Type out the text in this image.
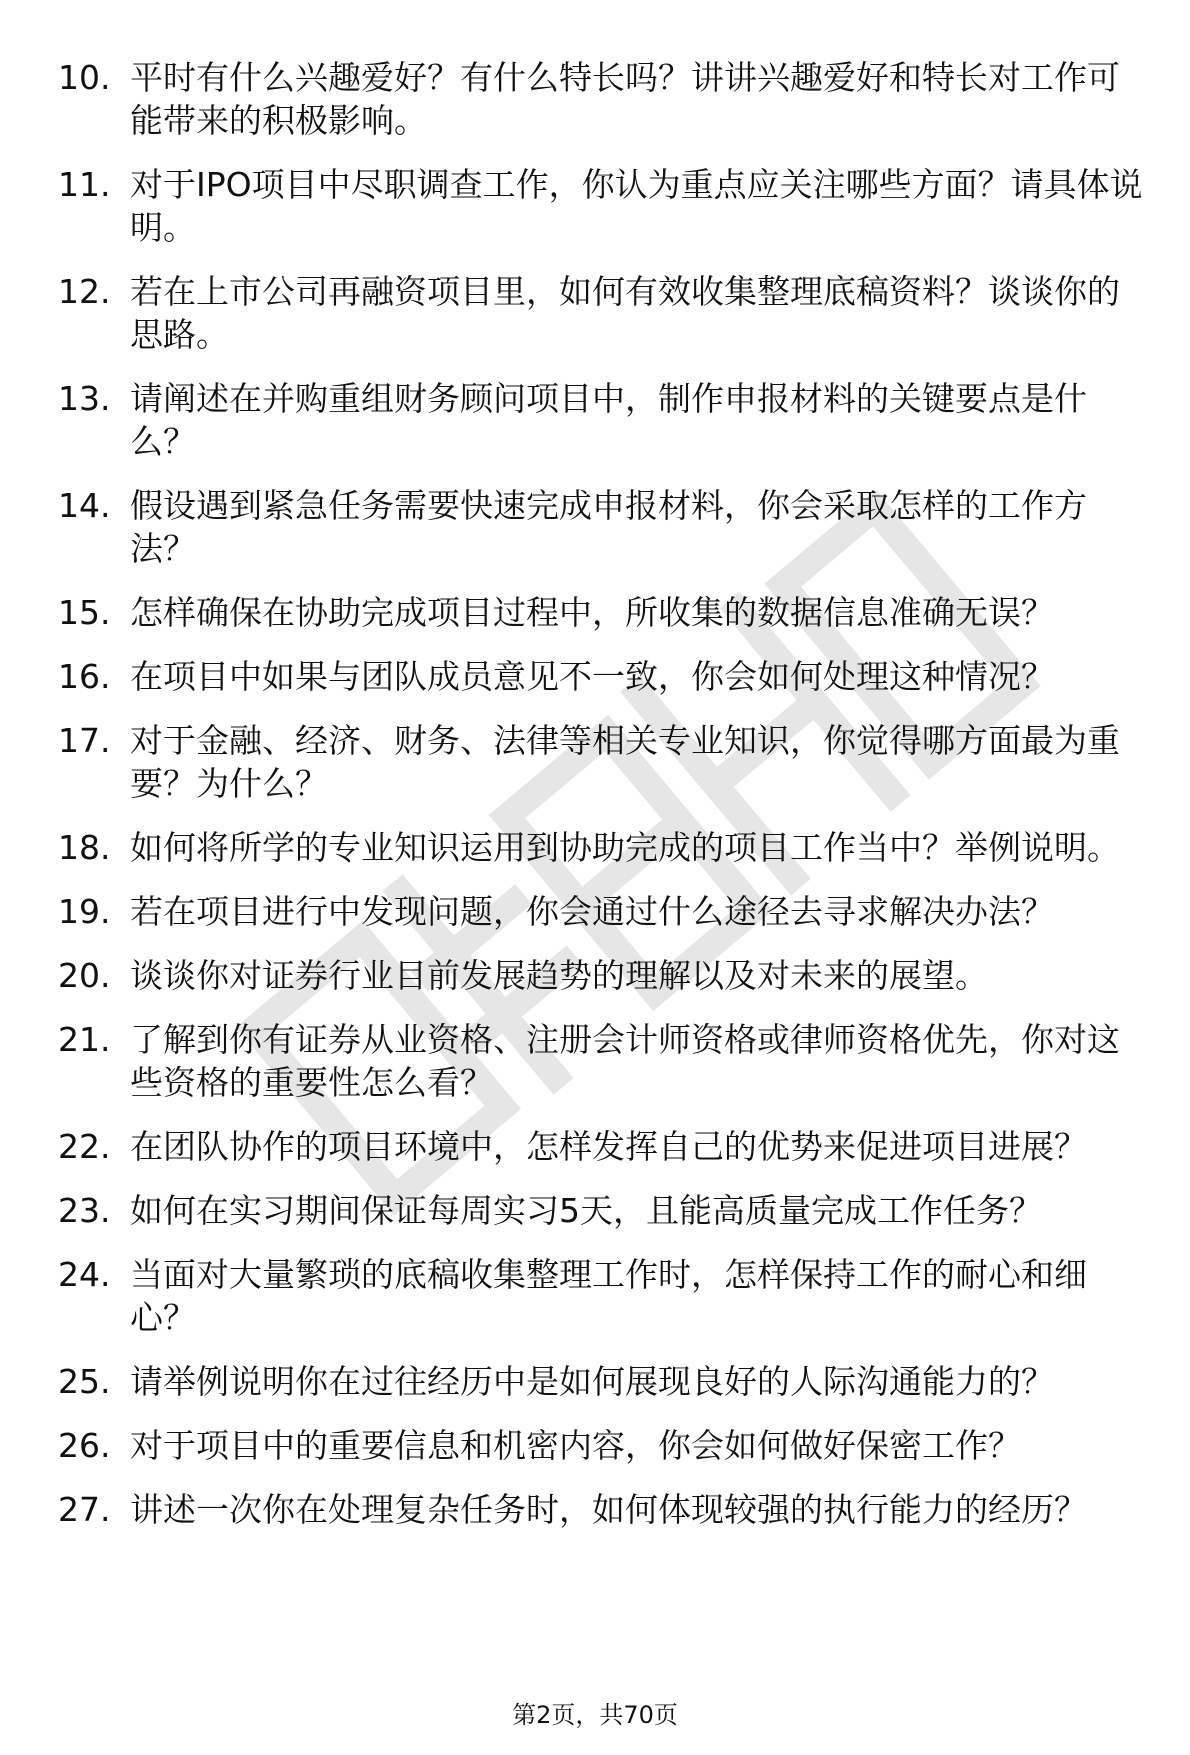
10. 平时有什么兴趣爱好？有什么特长吗？讲讲兴趣爱好和特长对工作可能带来的积极影响。
11. 对于IPO项目中尽职调查工作，你认为重点应关注哪些方面？请具体说明。
12. 若在上市公司再融资项目里，如何有效收集整理底稿资料？谈谈你的思路。
13. 请阐述在并购重组财务顾问项目中，制作申报材料的关键要点是什么？
14. 假设遇到紧急任务需要快速完成申报材料，你会采取怎样的工作方法？
15. 怎样确保在协助完成项目过程中，所收集的数据信息准确无误？
16. 在项目中如果与团队成员意见不一致，你会如何处理这种情况？
17. 对于金融、经济、财务、法律等相关专业知识，你觉得哪方面最为重要？为什么？
18. 如何将所学的专业知识运用到协助完成的项目工作当中？举例说明。
19. 若在项目进行中发现问题，你会通过什么途径去寻求解决办法？
20. 谈谈你对证券行业目前发展趋势的理解以及对未来的展望。
21. 了解到你有证券从业资格、注册会计师资格或律师资格优先，你对这些资格的重要性怎么看？
22. 在团队协作的项目环境中，怎样发挥自己的优势来促进项目进展？
23. 如何在实习期间保证每周实习5天，且能高质量完成工作任务？
24. 当面对大量繁琐的底稿收集整理工作时，怎样保持工作的耐心和细心？
25. 请举例说明你在过往经历中是如何展现良好的人际沟通能力的？
26. 对于项目中的重要信息和机密内容，你会如何做好保密工作？
27. 讲述一次你在处理复杂任务时，如何体现较强的执行能力的经历？
第2页，共70页
